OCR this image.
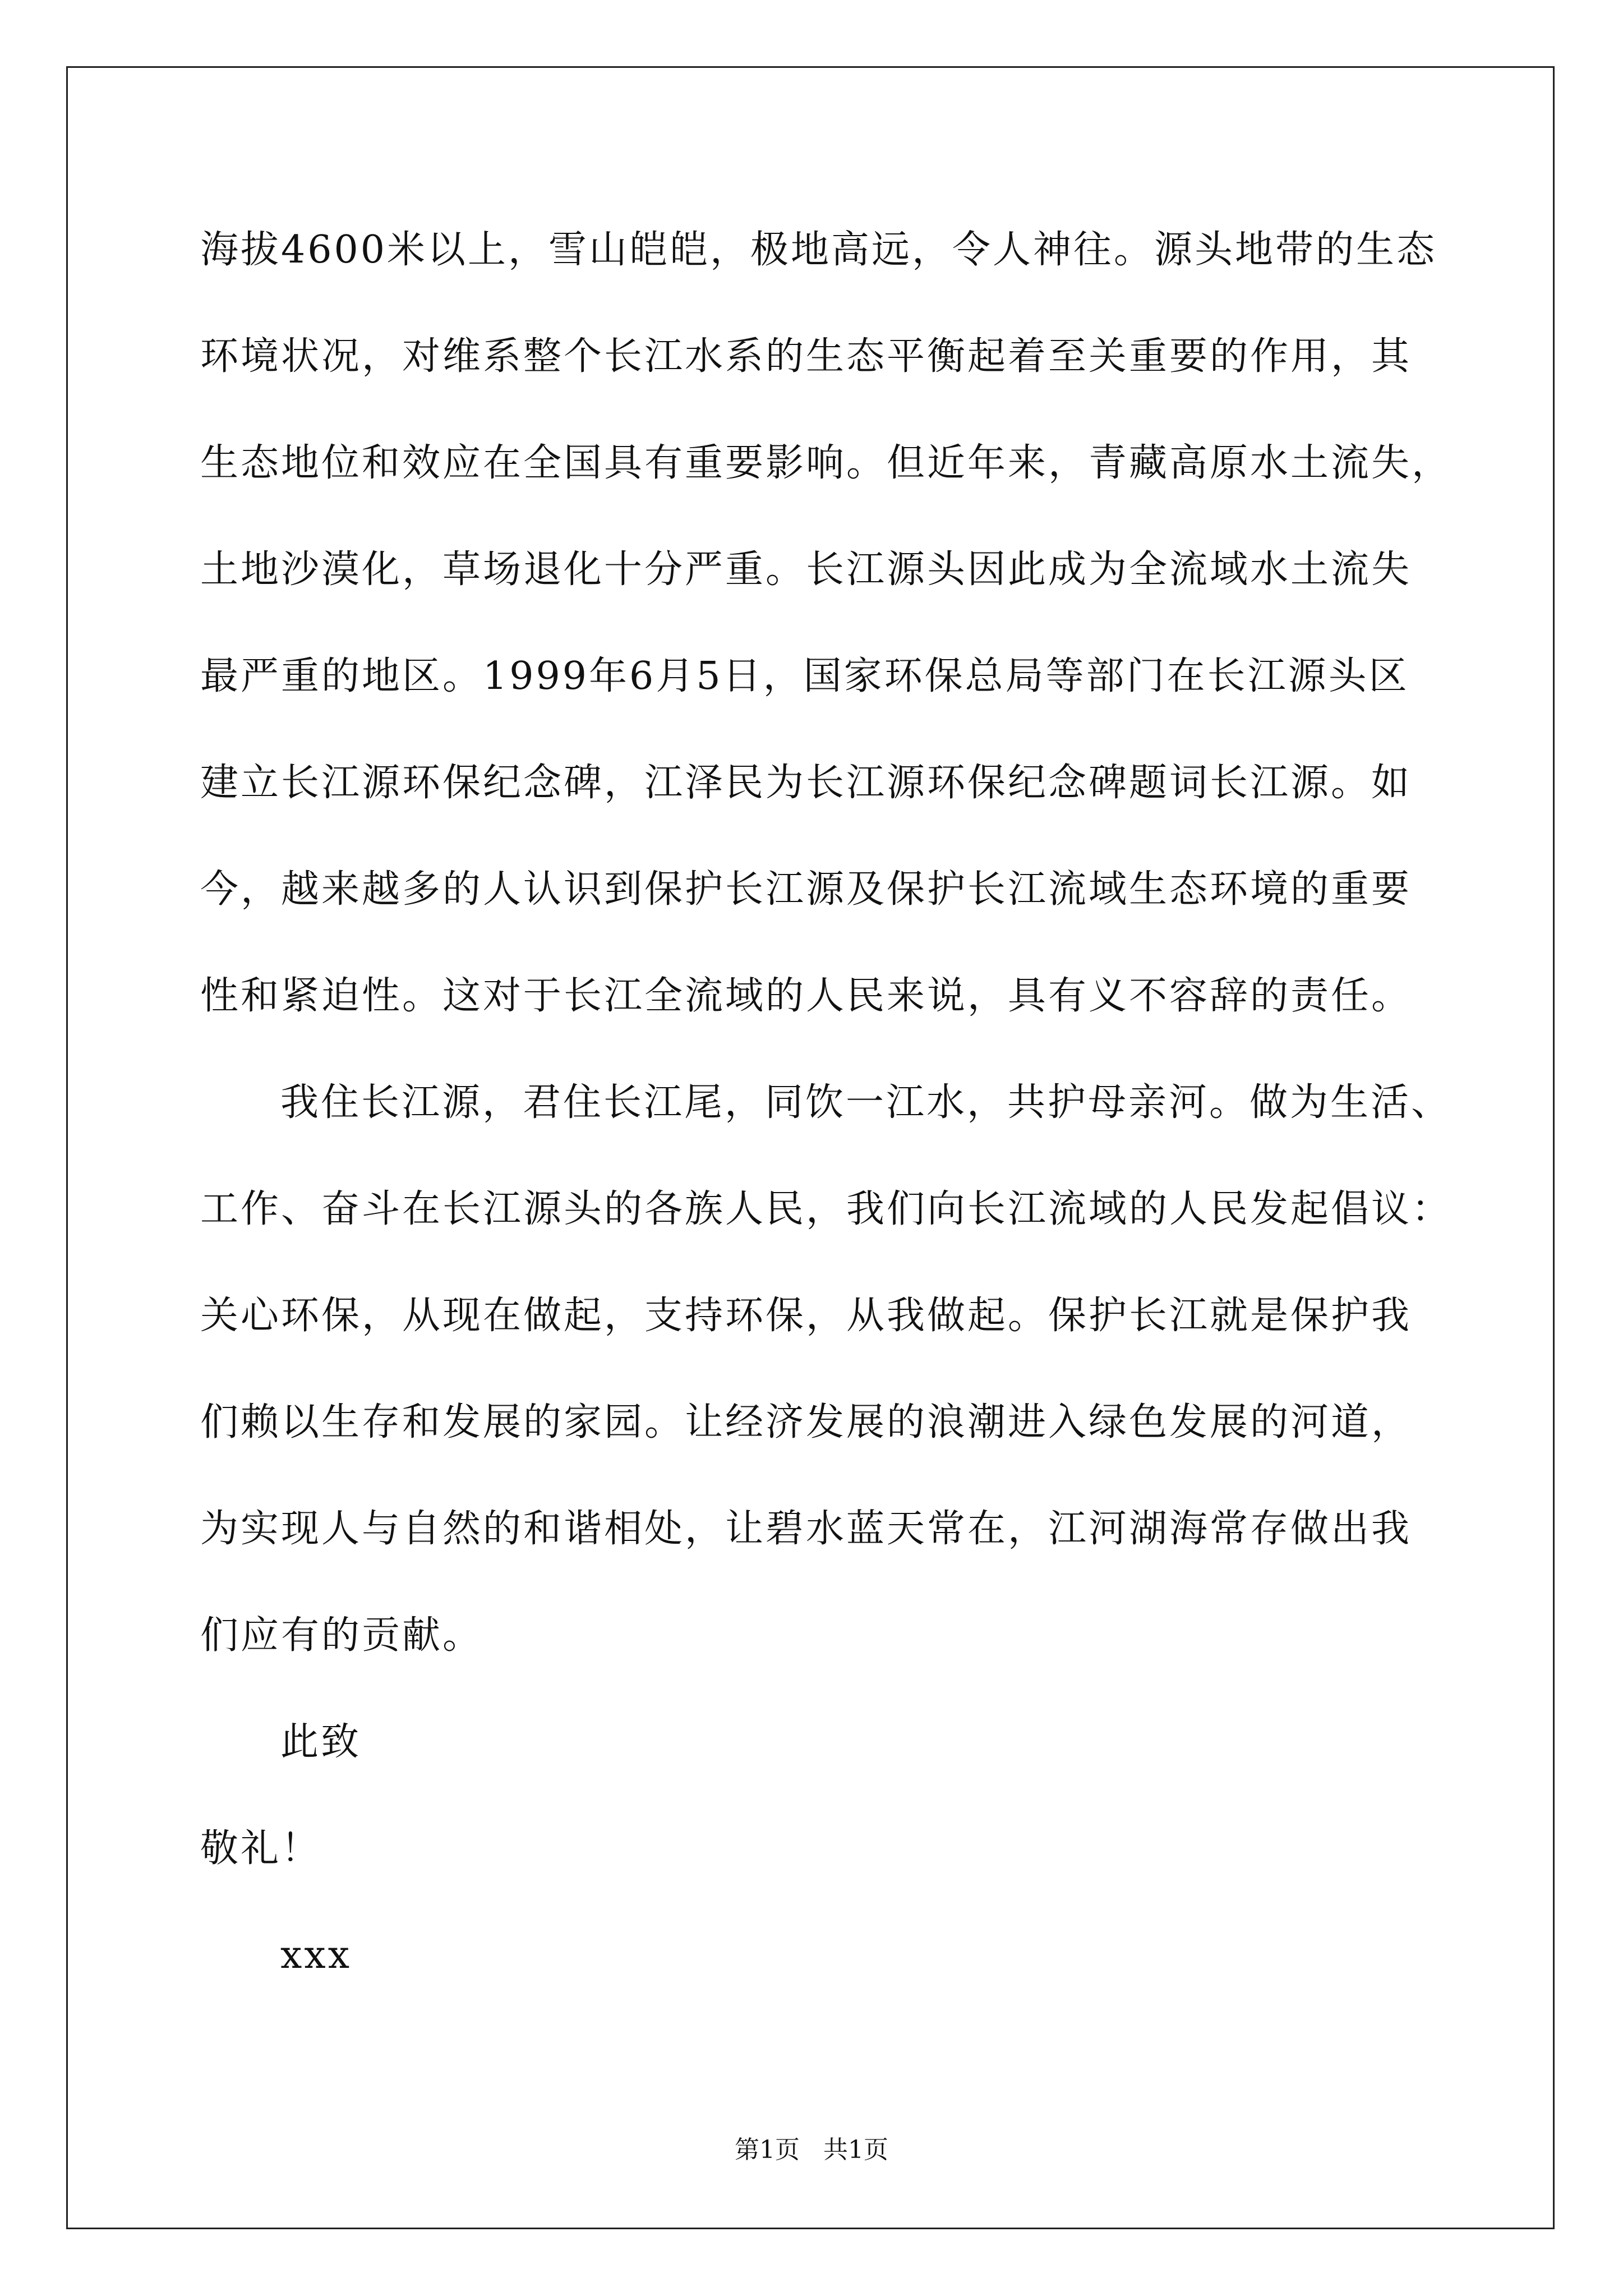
海拔4600米以上，雪山皑皑，极地高远，令人神往。源头地带的生态
环境状况，对维系整个长江水系的生态平衡起着至关重要的作用，其
生态地位和效应在全国具有重要影响。但近年来，青藏高原水土流失，
土地沙漠化，草场退化十分严重。长江源头因此成为全流域水土流失
最严重的地区。1999年6月5日，国家环保总局等部门在长江源头区
建立长江源环保纪念碑，江泽民为长江源环保纪念碑题词长江源。如
今，越来越多的人认识到保护长江源及保护长江流域生态环境的重要
性和紧迫性。这对于长江全流域的人民来说，具有义不容辞的责任。
我住长江源，君住长江尾，同饮一江水，共护母亲河。做为生活、
工作、奋斗在长江源头的各族人民，我们向长江流域的人民发起倡议：
关心环保，从现在做起，支持环保，从我做起。保护长江就是保护我
们赖以生存和发展的家园。让经济发展的浪潮进入绿色发展的河道，
为实现人与自然的和谐相处，让碧水蓝天常在，江河湖海常存做出我
们应有的贡献。
此致
敬礼！
xxx
第1页   共1页
